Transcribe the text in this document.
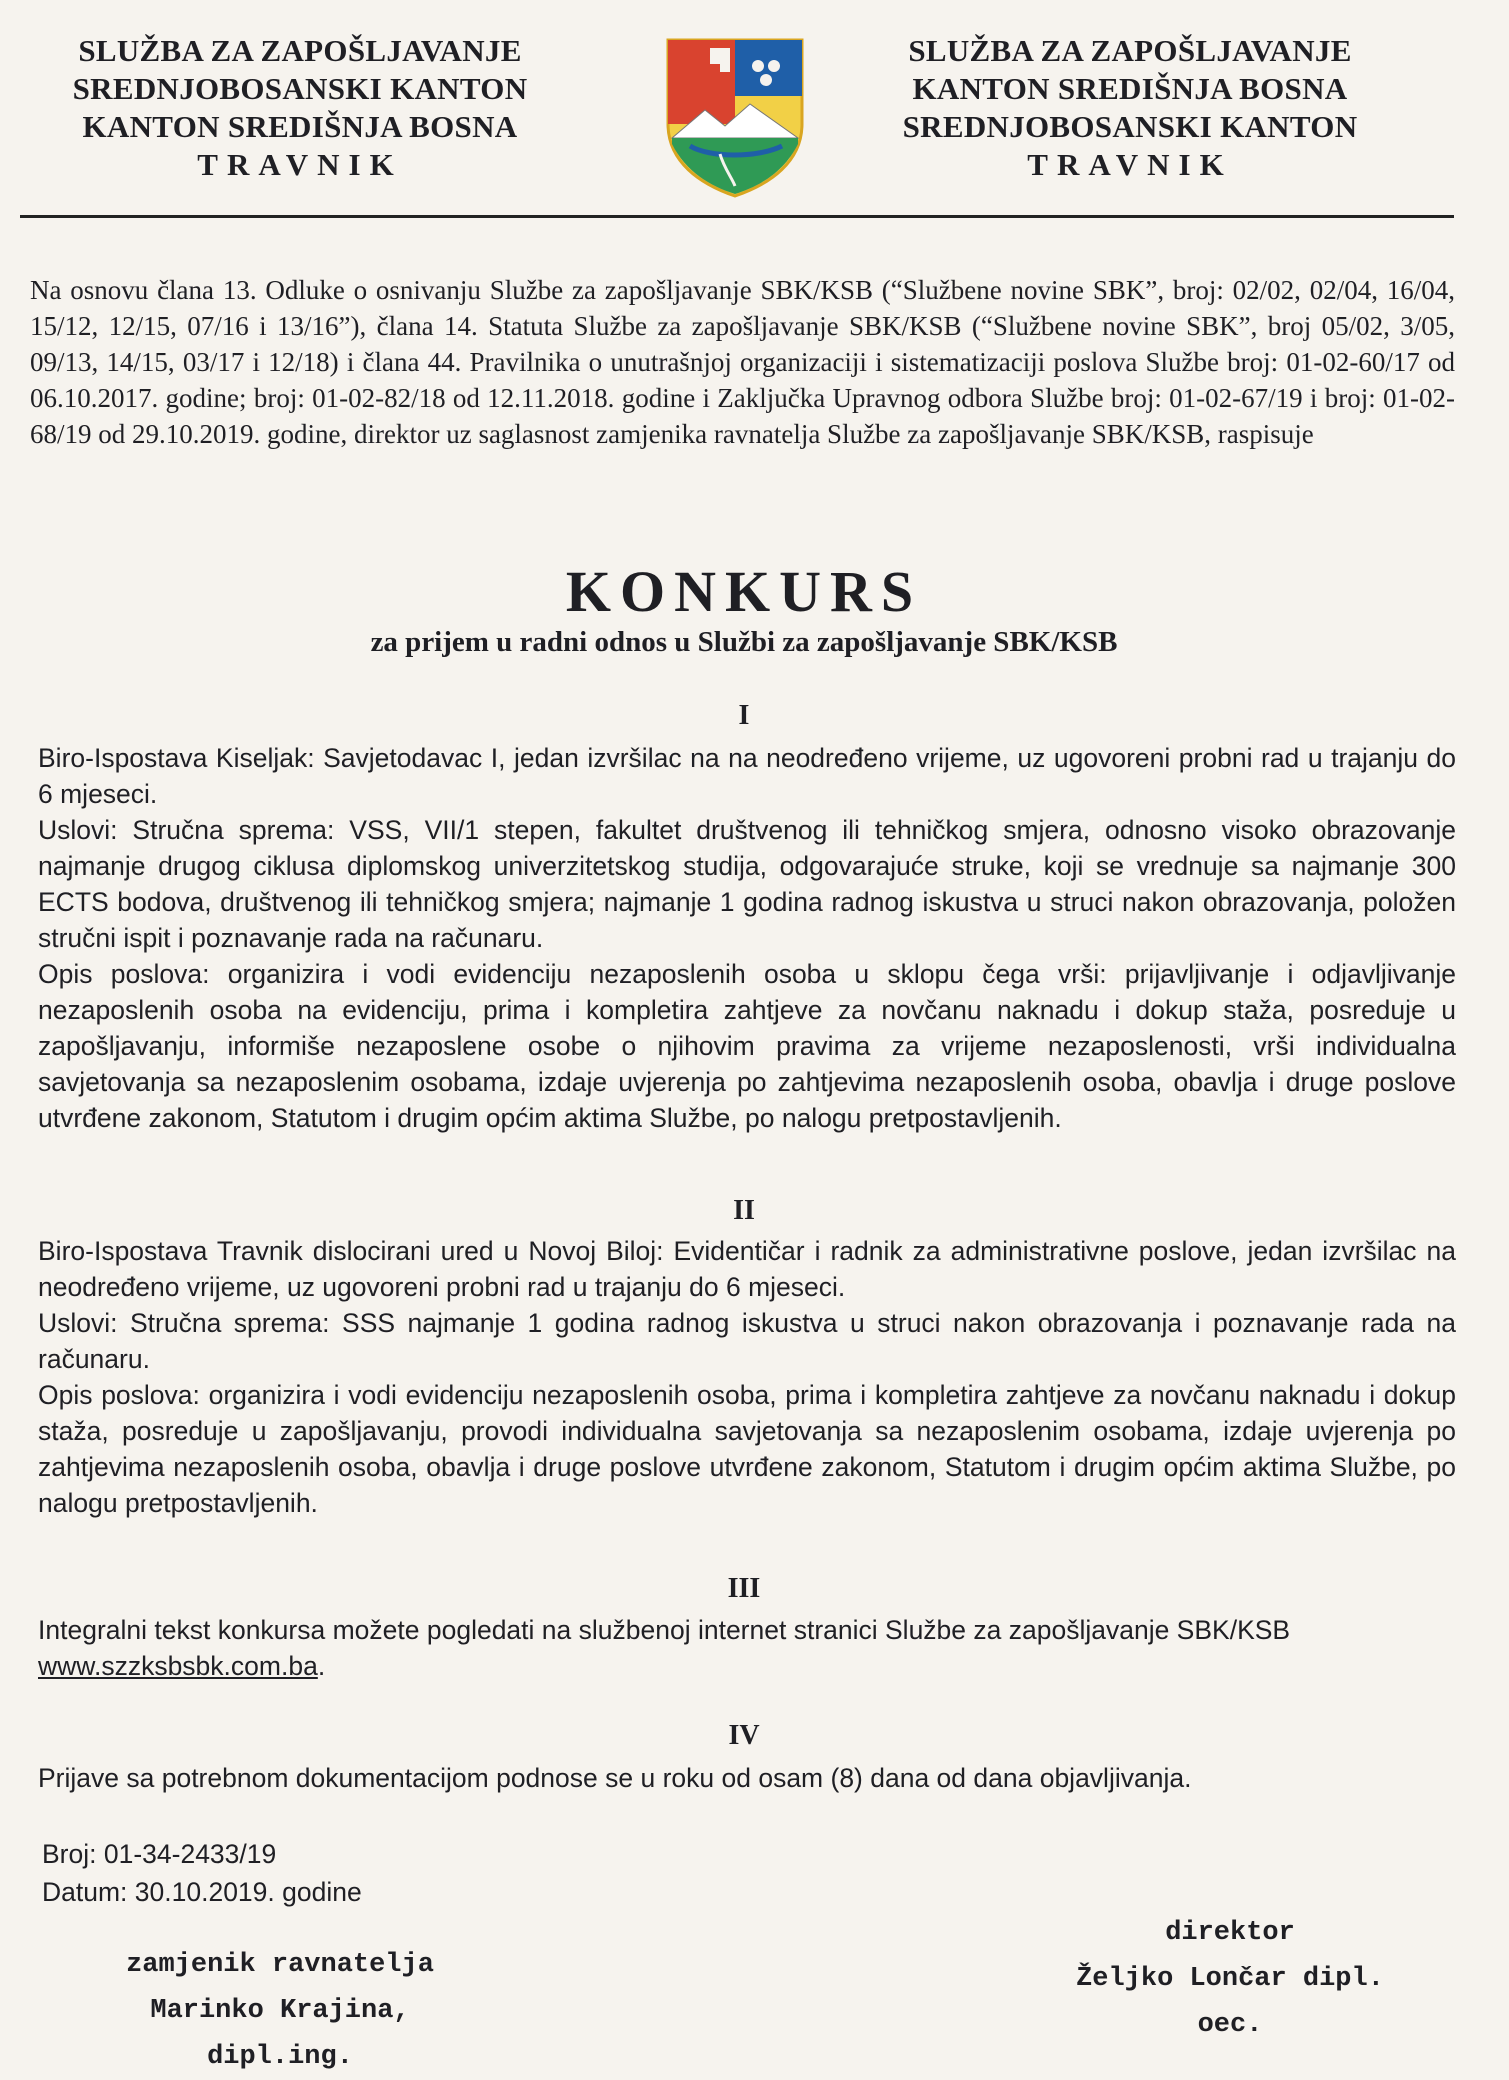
SLUŽBA ZA ZAPOŠLJAVANJE
SREDNJOBOSANSKI KANTON
KANTON SREDIŠNJA BOSNA
TRAVNIK
SLUŽBA ZA ZAPOŠLJAVANJE
KANTON SREDIŠNJA BOSNA
SREDNJOBOSANSKI KANTON
TRAVNIK
Na osnovu člana 13. Odluke o osnivanju Službe za zapošljavanje SBK/KSB (“Službene novine SBK”, broj: 02/02, 02/04, 16/04, 15/12, 12/15, 07/16 i 13/16”), člana 14. Statuta Službe za zapošljavanje SBK/KSB (“Službene novine SBK”, broj 05/02, 3/05, 09/13, 14/15, 03/17 i 12/18) i člana 44. Pravilnika o unutrašnjoj organizaciji i sistematizaciji poslova Službe broj: 01-02-60/17 od 06.10.2017. godine; broj: 01-02-82/18 od 12.11.2018. godine i Zaključka Upravnog odbora Službe broj: 01-02-67/19 i broj: 01-02-68/19 od 29.10.2019. godine, direktor uz saglasnost zamjenika ravnatelja Službe za zapošljavanje SBK/KSB, raspisuje
KONKURS
za prijem u radni odnos u Službi za zapošljavanje SBK/KSB
I

Biro-Ispostava Kiseljak: Savjetodavac I, jedan izvršilac na na neodređeno vrijeme, uz ugovoreni probni rad u trajanju do 6 mjeseci.

Uslovi: Stručna sprema: VSS, VII/1 stepen, fakultet društvenog ili tehničkog smjera, odnosno visoko obrazovanje najmanje drugog ciklusa diplomskog univerzitetskog studija, odgovarajuće struke, koji se vrednuje sa najmanje 300 ECTS bodova, društvenog ili tehničkog smjera; najmanje 1 godina radnog iskustva u struci nakon obrazovanja, položen stručni ispit i poznavanje rada na računaru.

Opis poslova: organizira i vodi evidenciju nezaposlenih osoba u sklopu čega vrši: prijavljivanje i odjavljivanje nezaposlenih osoba na evidenciju, prima i kompletira zahtjeve za novčanu naknadu i dokup staža, posreduje u zapošljavanju, informiše nezaposlene osobe o njihovim pravima za vrijeme nezaposlenosti, vrši individualna savjetovanja sa nezaposlenim osobama, izdaje uvjerenja po zahtjevima nezaposlenih osoba, obavlja i druge poslove utvrđene zakonom, Statutom i drugim općim aktima Službe, po nalogu pretpostavljenih.

II

Biro-Ispostava Travnik dislocirani ured u Novoj Biloj: Evidentičar i radnik za administrativne poslove, jedan izvršilac na neodređeno vrijeme, uz ugovoreni probni rad u trajanju do 6 mjeseci.

Uslovi: Stručna sprema: SSS najmanje 1 godina radnog iskustva u struci nakon obrazovanja i poznavanje rada na računaru.

Opis poslova: organizira i vodi evidenciju nezaposlenih osoba, prima i kompletira zahtjeve za novčanu naknadu i dokup staža, posreduje u zapošljavanju, provodi individualna savjetovanja sa nezaposlenim osobama, izdaje uvjerenja po zahtjevima nezaposlenih osoba, obavlja i druge poslove utvrđene zakonom, Statutom i drugim općim aktima Službe, po nalogu pretpostavljenih.

III

Integralni tekst konkursa možete pogledati na službenoj internet stranici Službe za zapošljavanje SBK/KSB
www.szzksbsbk.com.ba.

IV

Prijave sa potrebnom dokumentacijom podnose se u roku od osam (8) dana od dana objavljivanja.

Broj: 01-34-2433/19
Datum: 30.10.2019. godine
zamjenik ravnatelja
Marinko Krajina, dipl.ing.
direktor
Željko Lončar dipl. oec.
